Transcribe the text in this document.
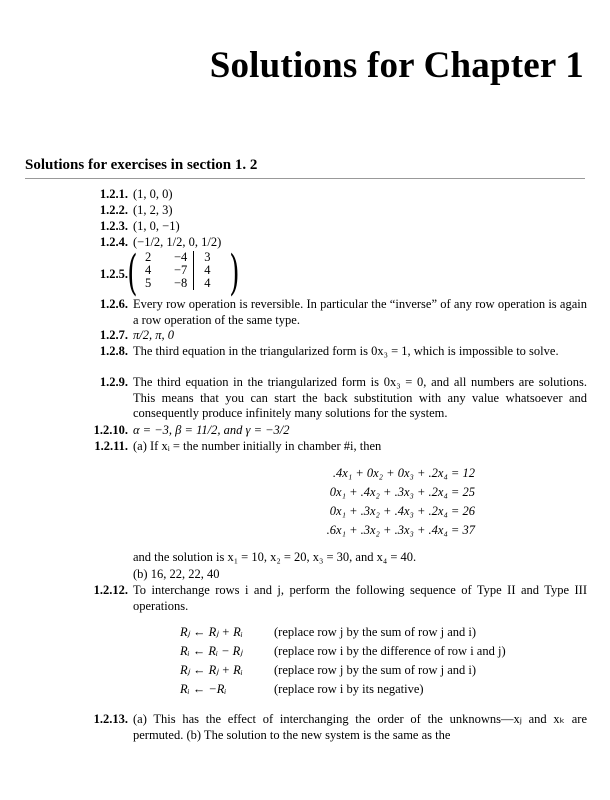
Solutions for Chapter 1
Solutions for exercises in section 1. 2
1.2.1. (1, 0, 0)
1.2.2. (1, 2, 3)
1.2.3. (1, 0, −1)
1.2.4. (−1/2, 1/2, 0, 1/2)
1.2.5. ( 2	−4	3
4	−7	4
5	−8	4 )
1.2.6. Every row operation is reversible. In particular the “inverse” of any row operation is again a row operation of the same type.
1.2.7. π/2, π, 0
1.2.8. The third equation in the triangularized form is 0x₃ = 1, which is impossible to solve.
1.2.9. The third equation in the triangularized form is 0x₃ = 0, and all numbers are solutions. This means that you can start the back substitution with any value whatsoever and consequently produce infinitely many solutions for the system.
1.2.10. α = −3, β = 11/2, and γ = −3/2
1.2.11. (a) If xᵢ = the number initially in chamber #i, then
.4x₁ + 0x₂ + 0x₃ + .2x₄ = 12
0x₁ + .4x₂ + .3x₃ + .2x₄ = 25
0x₁ + .3x₂ + .4x₃ + .2x₄ = 26
.6x₁ + .3x₂ + .3x₃ + .4x₄ = 37
and the solution is x₁ = 10, x₂ = 20, x₃ = 30, and x₄ = 40.
(b) 16, 22, 22, 40
1.2.12. To interchange rows i and j, perform the following sequence of Type II and Type III operations.
Rⱼ ← Rⱼ + Rᵢ	(replace row j by the sum of row j and i)
Rᵢ ← Rᵢ − Rⱼ	(replace row i by the difference of row i and j)
Rⱼ ← Rⱼ + Rᵢ	(replace row j by the sum of row j and i)
Rᵢ ← −Rᵢ	(replace row i by its negative)
1.2.13. (a) This has the effect of interchanging the order of the unknowns—xⱼ and xₖ are permuted. (b) The solution to the new system is the same as the
